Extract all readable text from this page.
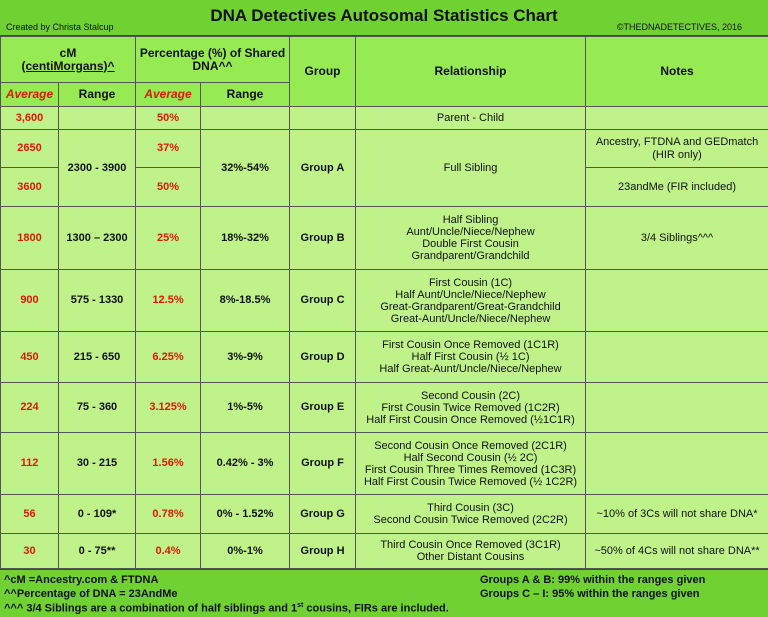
DNA Detectives Autosomal Statistics Chart
Created by Christa Stalcup	©THEDNADETECTIVES, 2016
cM
(centiMorgans)^		Percentage (%) of Shared DNA^^		Group	Relationship	Notes
Average	Range	Average	Range			
3,600		50%			Parent - Child	

2650	2300 - 3900	37%	32%-54%	Group A	Full Sibling	Ancestry, FTDNA and GEDmatch (HIR only)
3600		50%				23andMe (FIR included)
1800	1300 – 2300	25%	18%-32%	Group B	Half Sibling
Aunt/Uncle/Niece/Nephew
Double First Cousin
Grandparent/Grandchild	3/4 Siblings^^^
900	575 - 1330	12.5%	8%-18.5%	Group C	First Cousin (1C)
Half Aunt/Uncle/Niece/Nephew
Great-Grandparent/Great-Grandchild
Great-Aunt/Uncle/Niece/Nephew	

450	215 - 650	6.25%	3%-9%	Group D	First Cousin Once Removed (1C1R)
Half First Cousin (½ 1C)
Half Great-Aunt/Uncle/Niece/Nephew	

224	75 - 360	3.125%	1%-5%	Group E	Second Cousin (2C)
First Cousin Twice Removed (1C2R)
Half First Cousin Once Removed (½1C1R)	

112	30 - 215	1.56%	0.42% - 3%	Group F	Second Cousin Once Removed (2C1R)
Half Second Cousin (½ 2C)
First Cousin Three Times Removed (1C3R)
Half First Cousin Twice Removed (½ 1C2R)	

56	0 - 109*	0.78%	0% - 1.52%	Group G	Third Cousin (3C)
Second Cousin Twice Removed (2C2R)	~10% of 3Cs will not share DNA*
30	0 - 75**	0.4%	0%-1%	Group H	Third Cousin Once Removed (3C1R)
Other Distant Cousins	~50% of 4Cs will not share DNA**
^cM =Ancestry.com & FTDNA
^^Percentage of DNA = 23AndMe
^^^ 3/4 Siblings are a combination of half siblings and 1st cousins, FIRs are included.
Groups A & B: 99% within the ranges given
Groups C – I: 95% within the ranges given
